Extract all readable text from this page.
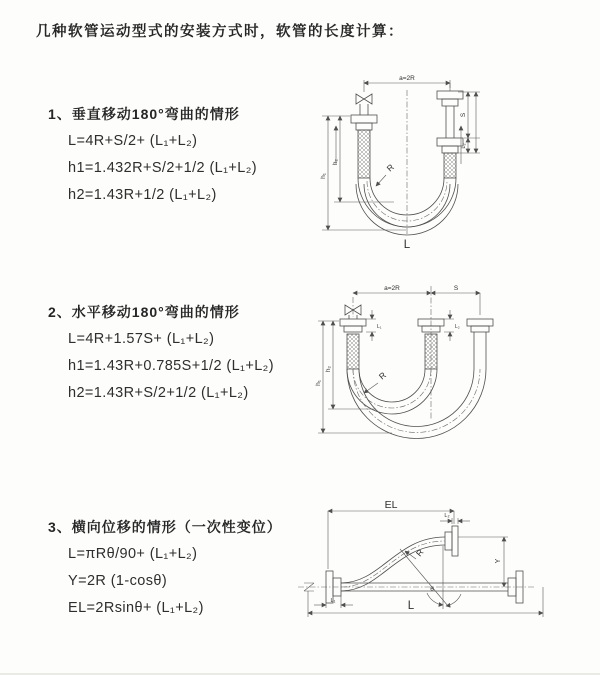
几种软管运动型式的安装方式时，软管的长度计算：
1、垂直移动180°弯曲的情形

L=4R+S/2+ (L₁+L₂)

h1=1.432R+S/2+1/2 (L₁+L₂)

h2=1.43R+1/2 (L₁+L₂)

2、水平移动180°弯曲的情形

L=4R+1.57S+ (L₁+L₂)

h1=1.43R+0.785S+1/2 (L₁+L₂)

h2=1.43R+S/2+1/2 (L₁+L₂)

3、横向位移的情形（一次性变位）

L=πRθ/90+ (L₁+L₂)

Y=2R (1-cosθ)

EL=2Rsinθ+ (L₁+L₂)

a=2R
S
L₂
h₁
h₂	R
L
a=2R	S
L₁	L₂
h₁
h₂
R
EL
L₂
θ
R
Y
L₁	L
